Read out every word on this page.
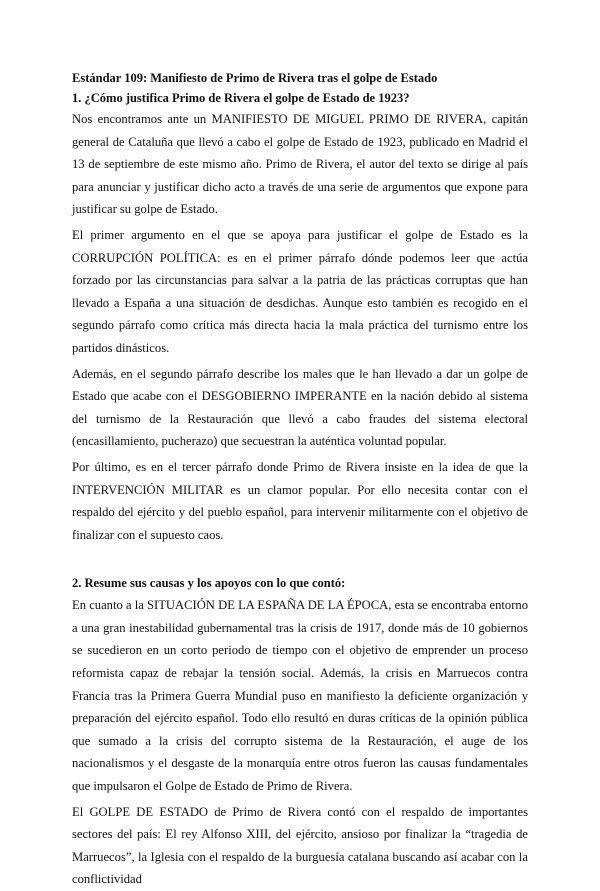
Estándar 109: Manifiesto de Primo de Rivera tras el golpe de Estado
1. ¿Cómo justifica Primo de Rivera el golpe de Estado de 1923?

Nos encontramos ante un MANIFIESTO DE MIGUEL PRIMO DE RIVERA, capitán general de Cataluña que llevó a cabo el golpe de Estado de 1923, publicado en Madrid el 13 de septiembre de este mismo año. Primo de Rivera, el autor del texto se dirige al país para anunciar y justificar dicho acto a través de una serie de argumentos que expone para justificar su golpe de Estado.

El primer argumento en el que se apoya para justificar el golpe de Estado es la CORRUPCIÓN POLÍTICA: es en el primer párrafo dónde podemos leer que actúa forzado por las circunstancias para salvar a la patria de las prácticas corruptas que han llevado a España a una situación de desdichas. Aunque esto también es recogido en el segundo párrafo como crítica más directa hacia la mala práctica del turnismo entre los partidos dinásticos.

Además, en el segundo párrafo describe los males que le han llevado a dar un golpe de Estado que acabe con el DESGOBIERNO IMPERANTE en la nación debido al sistema del turnismo de la Restauración que llevó a cabo fraudes del sistema electoral (encasillamiento, pucherazo) que secuestran la auténtica voluntad popular.

Por último, es en el tercer párrafo donde Primo de Rivera insiste en la idea de que la INTERVENCIÓN MILITAR es un clamor popular. Por ello necesita contar con el respaldo del ejército y del pueblo español, para intervenir militarmente con el objetivo de finalizar con el supuesto caos.

2. Resume sus causas y los apoyos con lo que contó:

En cuanto a la SITUACIÓN DE LA ESPAÑA DE LA ÉPOCA, esta se encontraba entorno a una gran inestabilidad gubernamental tras la crisis de 1917, donde más de 10 gobiernos se sucedieron en un corto periodo de tiempo con el objetivo de emprender un proceso reformista capaz de rebajar la tensión social. Además, la crisis en Marruecos contra Francia tras la Primera Guerra Mundial puso en manifiesto la deficiente organización y preparación del ejército español. Todo ello resultó en duras críticas de la opinión pública que sumado a la crisis del corrupto sistema de la Restauración, el auge de los nacionalismos y el desgaste de la monarquía entre otros fueron las causas fundamentales que impulsaron el Golpe de Estado de Primo de Rivera.

El GOLPE DE ESTADO de Primo de Rivera contó con el respaldo de importantes sectores del país: El rey Alfonso XIII, del ejército, ansioso por finalizar la “tragedia de Marruecos”, la Iglesia con el respaldo de la burguesía catalana buscando así acabar con la conflictividad
